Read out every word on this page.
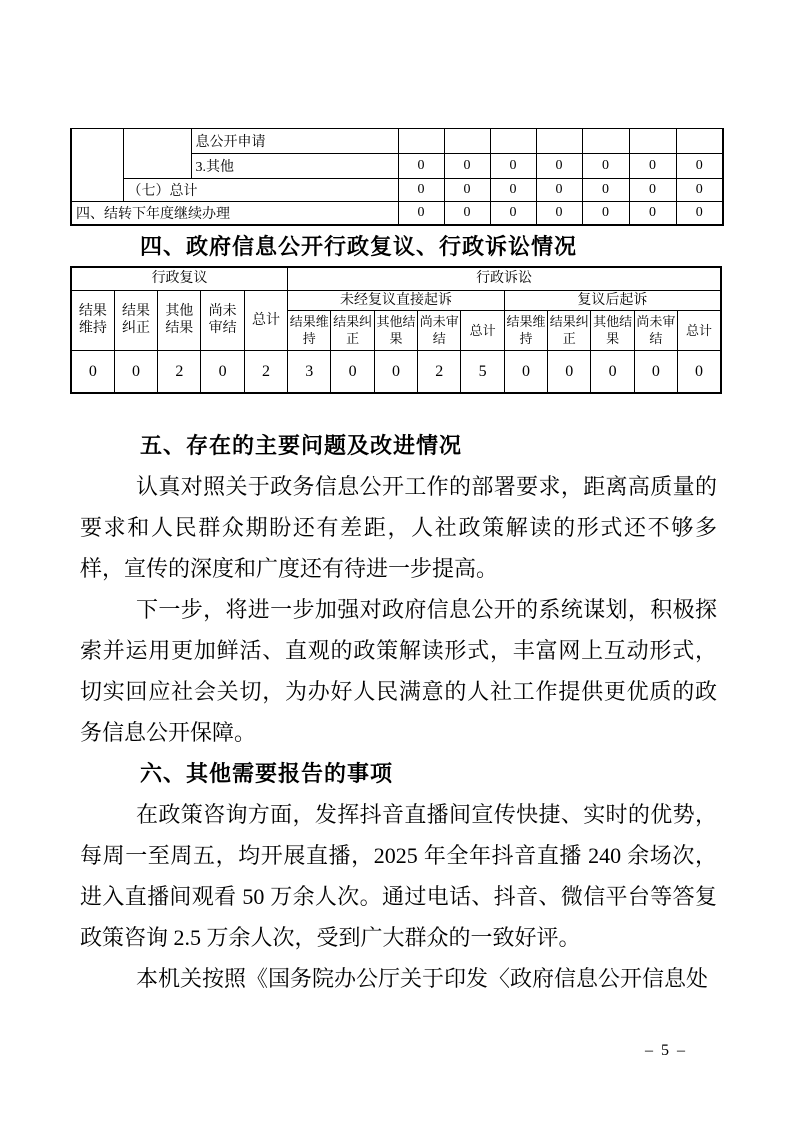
		息公开申请							
		3.其他	0	0	0	0	0	0	0
	（七）总计		0	0	0	0	0	0	0
四、结转下年度继续办理			0	0	0	0	0	0	0
四、政府信息公开行政复议、行政诉讼情况
行政复议					行政诉讼									
结果维持	结果纠正	其他结果	尚未审结	总计	未经复议直接起诉					复议后起诉				
					结果维持	结果纠正	其他结果	尚未审结	总计	结果维持	结果纠正	其他结果	尚未审结	总计
0	0	2	0	2	3	0	0	2	5	0	0	0	0	0
五、存在的主要问题及改进情况

认真对照关于政务信息公开工作的部署要求，距离高质量的要求和人民群众期盼还有差距，人社政策解读的形式还不够多样，宣传的深度和广度还有待进一步提高。

下一步，将进一步加强对政府信息公开的系统谋划，积极探索并运用更加鲜活、直观的政策解读形式，丰富网上互动形式，切实回应社会关切，为办好人民满意的人社工作提供更优质的政务信息公开保障。

六、其他需要报告的事项

在政策咨询方面，发挥抖音直播间宣传快捷、实时的优势，每周一至周五，均开展直播，2025 年全年抖音直播 240 余场次，进入直播间观看 50 万余人次。通过电话、抖音、微信平台等答复政策咨询 2.5 万余人次，受到广大群众的一致好评。

本机关按照《国务院办公厅关于印发〈政府信息公开信息处

– 5 –
